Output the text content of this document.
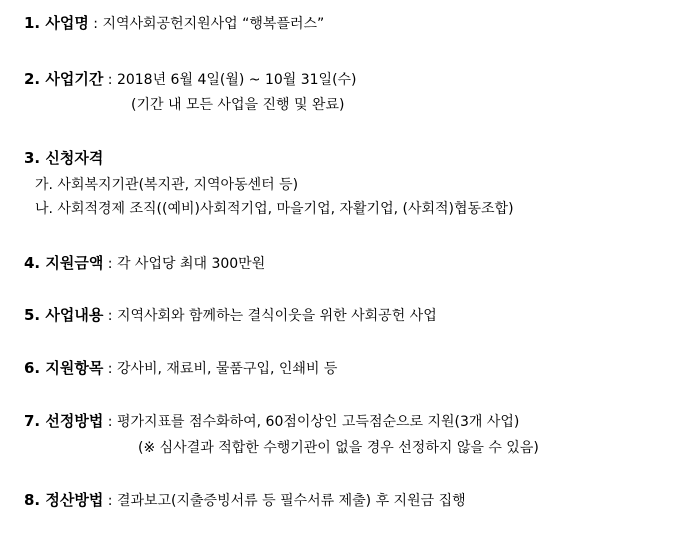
1. 사업명 : 지역사회공헌지원사업 “행복플러스”
2. 사업기간 : 2018년 6월 4일(월) ~ 10월 31일(수)
(기간 내 모든 사업을 진행 및 완료)
3. 신청자격
가. 사회복지기관(복지관, 지역아동센터 등)
나. 사회적경제 조직((예비)사회적기업, 마을기업, 자활기업, (사회적)협동조합)
4. 지원금액 : 각 사업당 최대 300만원
5. 사업내용 : 지역사회와 함께하는 결식이웃을 위한 사회공헌 사업
6. 지원항목 : 강사비, 재료비, 물품구입, 인쇄비 등
7. 선정방법 : 평가지표를 점수화하여, 60점이상인 고득점순으로 지원(3개 사업)
(※ 심사결과 적합한 수행기관이 없을 경우 선정하지 않을 수 있음)
8. 정산방법 : 결과보고(지출증빙서류 등 필수서류 제출) 후 지원금 집행
